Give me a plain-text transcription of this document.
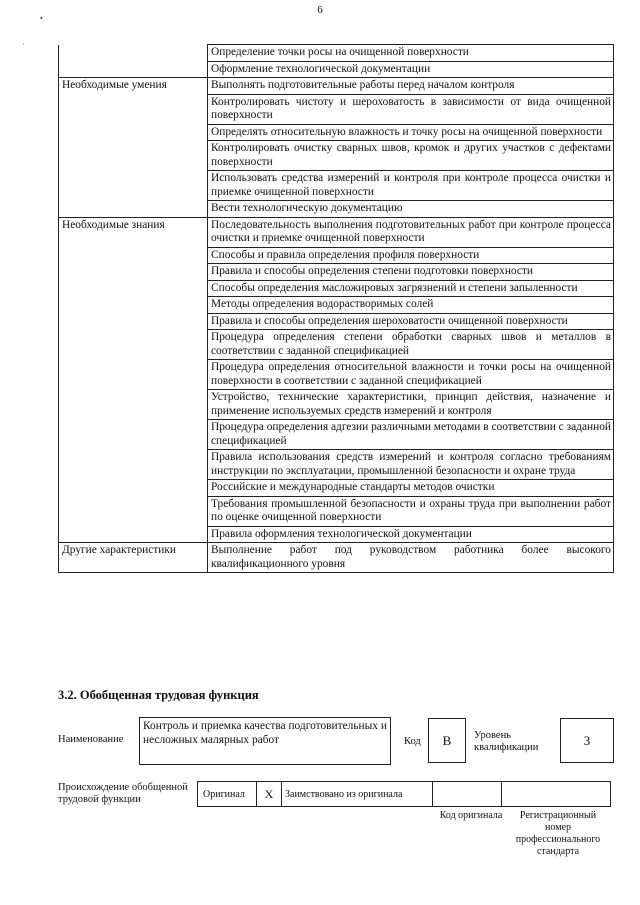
•
·
6
	Определение точки росы на очищенной поверхности
	Оформление технологической документации
Необходимые умения	Выполнять подготовительные работы перед началом контроля
	Контролировать чистоту и шероховатость в зависимости от вида очищенной поверхности
	Определять относительную влажность и точку росы на очищенной поверхности
	Контролировать очистку сварных швов, кромок и других участков с дефектами поверхности
	Использовать средства измерений и контроля при контроле процесса очистки и приемке очищенной поверхности
	Вести технологическую документацию
Необходимые знания	Последовательность выполнения подготовительных работ при контроле процесса очистки и приемке очищенной поверхности
	Способы и правила определения профиля поверхности
	Правила и способы определения степени подготовки поверхности
	Способы определения масложировых загрязнений и степени запыленности
	Методы определения водорастворимых солей
	Правила и способы определения шероховатости очищенной поверхности
	Процедура определения степени обработки сварных швов и металлов в соответствии с заданной спецификацией
	Процедура определения относительной влажности и точки росы на очищенной поверхности в соответствии с заданной спецификацией
	Устройство, технические характеристики, принцип действия, назначение и применение используемых средств измерений и контроля
	Процедура определения адгезии различными методами в соответствии с заданной спецификацией
	Правила использования средств измерений и контроля согласно требованиям инструкции по эксплуатации, промышленной безопасности и охране труда
	Российские и международные стандарты методов очистки
	Требования промышленной безопасности и охраны труда при выполнении работ по оценке очищенной поверхности
	Правила оформления технологической документации
Другие характеристики	Выполнение работ под руководством работника более высокого квалификационного уровня
3.2. Обобщенная трудовая функция
Наименование
Контроль и приемка качества подготовительных и несложных малярных работ	Код В Уровень квалификации	3
Происхождение обобщенной трудовой функции	Оригинал X Заимствовано из оригинала
Код оригинала	Регистрационный номер профессионального стандарта
